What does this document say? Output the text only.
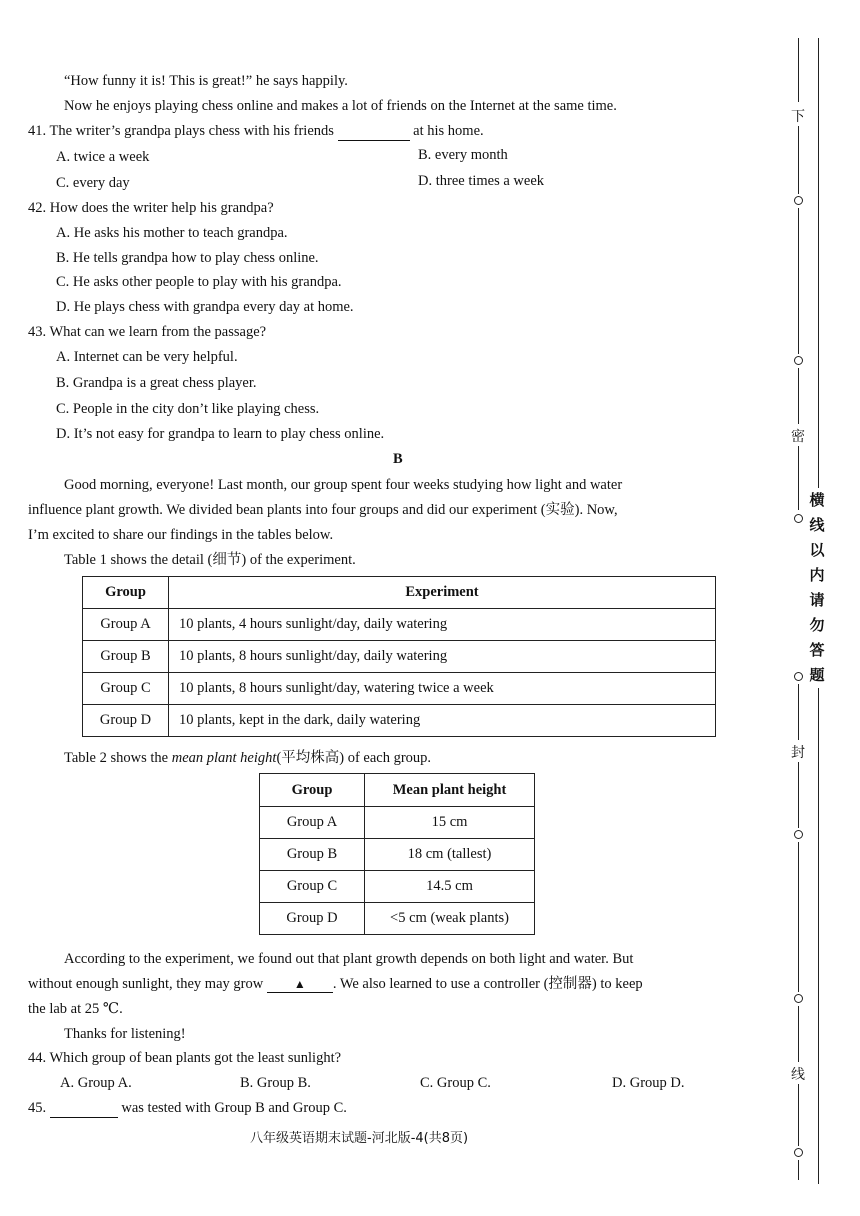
“How funny it is! This is great!” he says happily.
Now he enjoys playing chess online and makes a lot of friends on the Internet at the same time.
41. The writer’s grandpa plays chess with his friends	at his home.
A. twice a week	B. every month
C. every day	D. three times a week
42. How does the writer help his grandpa?
A. He asks his mother to teach grandpa.
B. He tells grandpa how to play chess online.
C. He asks other people to play with his grandpa.
D. He plays chess with grandpa every day at home.
43. What can we learn from the passage?
A. Internet can be very helpful.
B. Grandpa is a great chess player.
C. People in the city don’t like playing chess.
D. It’s not easy for grandpa to learn to play chess online.
B
Good morning, everyone! Last month, our group spent four weeks studying how light and water
influence plant growth. We divided bean plants into four groups and did our experiment (实验). Now,
I’m excited to share our findings in the tables below.
Table 1 shows the detail (细节) of the experiment.
Group	Experiment
Group A	10 plants, 4 hours sunlight/day, daily watering
Group B	10 plants, 8 hours sunlight/day, daily watering
Group C	10 plants, 8 hours sunlight/day, watering twice a week
Group D	10 plants, kept in the dark, daily watering
Table 2 shows the mean plant height(平均株高) of each group.
Group	Mean plant height
Group A	15 cm
Group B	18 cm (tallest)
Group C	14.5 cm
Group D	<5 cm (weak plants)
According to the experiment, we found out that plant growth depends on both light and water. But
without enough sunlight, they may grow	▲ . We also learned to use a controller (控制器) to keep
the lab at 25 ℃.
Thanks for listening!
44. Which group of bean plants got the least sunlight?
A. Group A.	B. Group B.	C. Group C.	D. Group D.
45.	was tested with Group B and Group C.
八年级英语期末试题-河北版-4(共8页)
下
密
横线以内请勿答题
封
线
